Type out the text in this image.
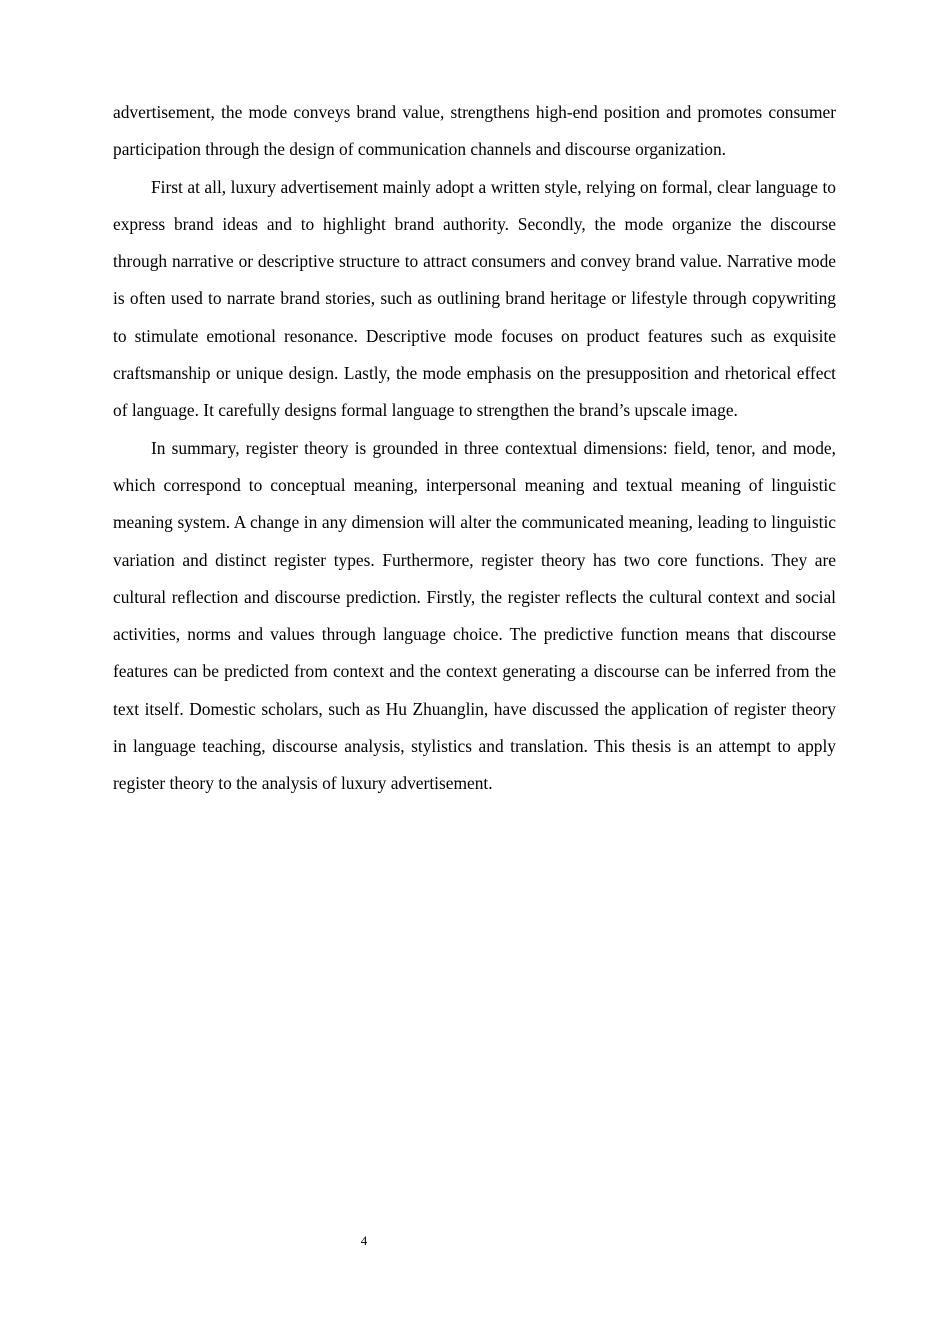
advertisement, the mode conveys brand value, strengthens high-end position and promotes consumer participation through the design of communication channels and discourse organization.

First at all, luxury advertisement mainly adopt a written style, relying on formal, clear language to express brand ideas and to highlight brand authority. Secondly, the mode organize the discourse through narrative or descriptive structure to attract consumers and convey brand value. Narrative mode is often used to narrate brand stories, such as outlining brand heritage or lifestyle through copywriting to stimulate emotional resonance. Descriptive mode focuses on product features such as exquisite craftsmanship or unique design. Lastly, the mode emphasis on the presupposition and rhetorical effect of language. It carefully designs formal language to strengthen the brand’s upscale image.

In summary, register theory is grounded in three contextual dimensions: field, tenor, and mode, which correspond to conceptual meaning, interpersonal meaning and textual meaning of linguistic meaning system. A change in any dimension will alter the communicated meaning, leading to linguistic variation and distinct register types. Furthermore, register theory has two core functions. They are cultural reflection and discourse prediction. Firstly, the register reflects the cultural context and social activities, norms and values through language choice. The predictive function means that discourse features can be predicted from context and the context generating a discourse can be inferred from the text itself. Domestic scholars, such as Hu Zhuanglin, have discussed the application of register theory in language teaching, discourse analysis, stylistics and translation. This thesis is an attempt to apply register theory to the analysis of luxury advertisement.

4
